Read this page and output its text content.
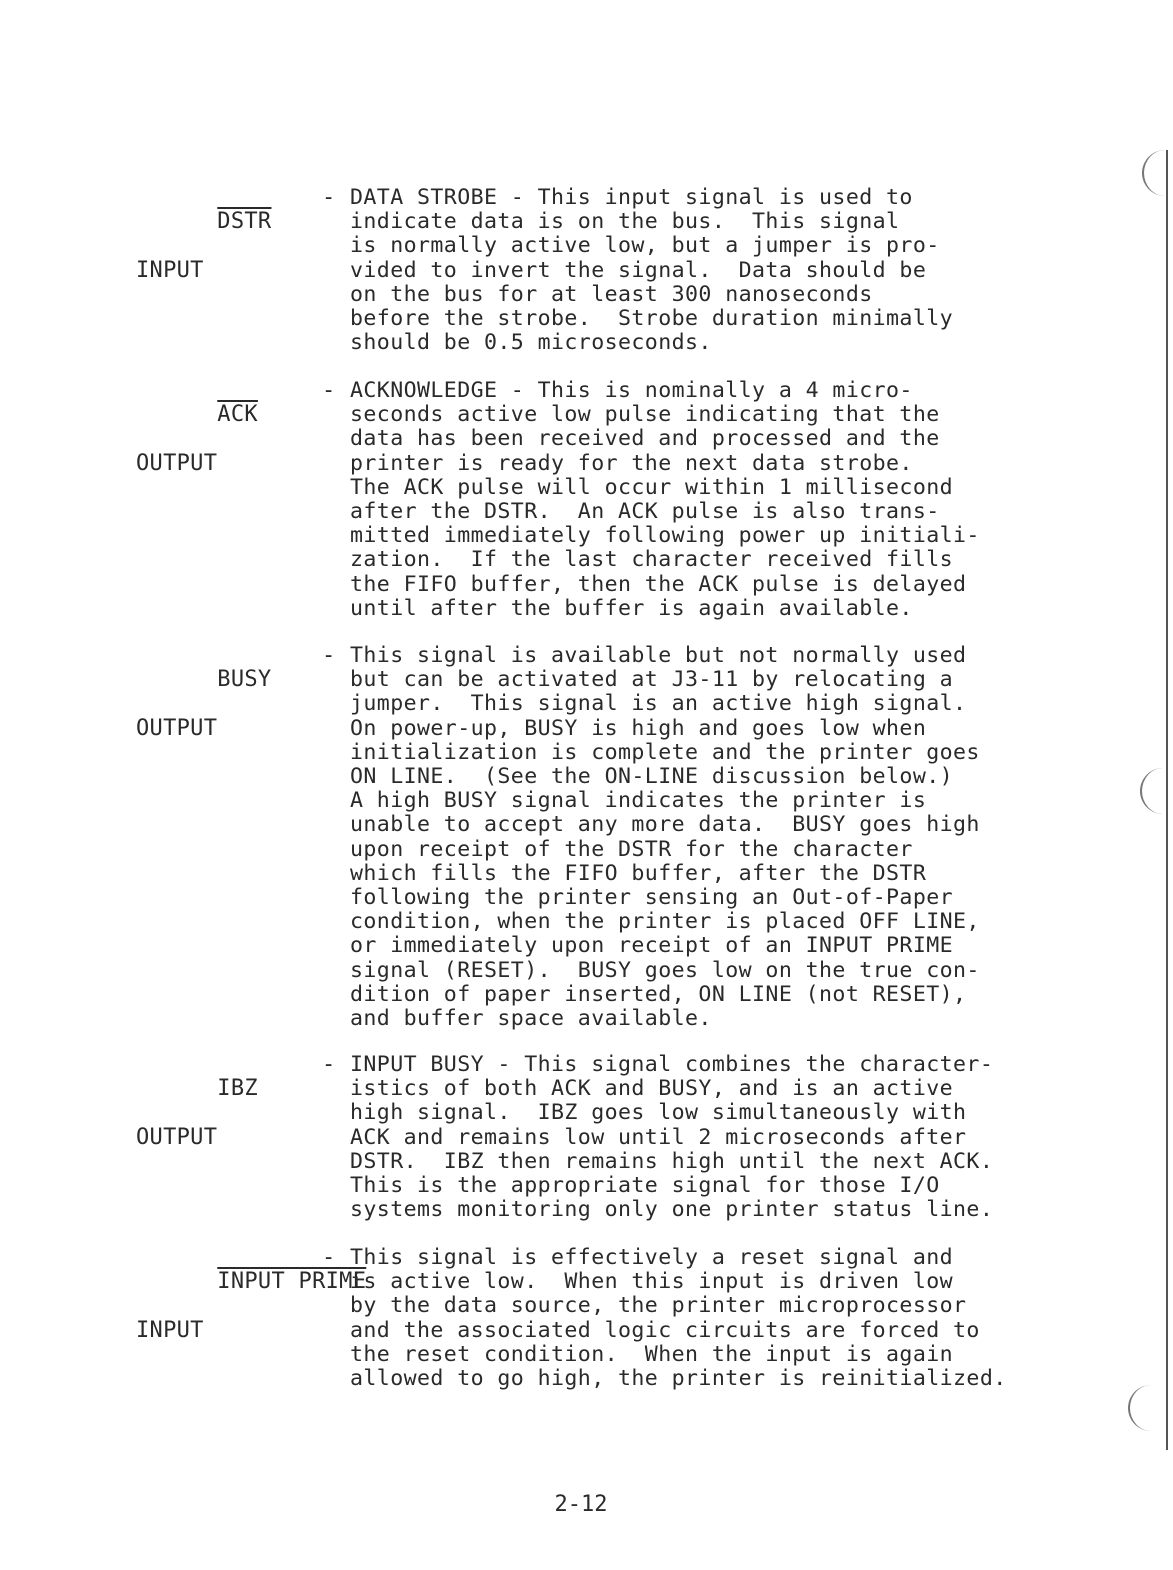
DSTR

INPUT

- DATA STROBE - This input signal is used to
indicate data is on the bus.  This signal
is normally active low, but a jumper is pro-
vided to invert the signal.  Data should be
on the bus for at least 300 nanoseconds
before the strobe.  Strobe duration minimally
should be 0.5 microseconds.

$\overline{ACK}$

OUTPUT

- ACKNOWLEDGE - This is nominally a 4 micro-
seconds active low pulse indicating that the
data has been received and processed and the
printer is ready for the next data strobe.
The ACK pulse will occur within 1 millisecond
after the DSTR.  An ACK pulse is also trans-
mitted immediately following power up initiali-
zation.  If the last character received fills
the FIFO buffer, then the ACK pulse is delayed
until after the buffer is again available.

BUSY

OUTPUT

- This signal is available but not normally used
but can be activated at J3-11 by relocating a
jumper.  This signal is an active high signal.
On power-up, BUSY is high and goes low when
initialization is complete and the printer goes
ON LINE.  (See the ON-LINE discussion below.)
A high BUSY signal indicates the printer is
unable to accept any more data.  BUSY goes high
upon receipt of the DSTR for the character
which fills the FIFO buffer, after the DSTR
following the printer sensing an Out-of-Paper
condition, when the printer is placed OFF LINE,
or immediately upon receipt of an INPUT PRIME
signal (RESET).  BUSY goes low on the true con-
dition of paper inserted, ON LINE (not RESET),
and buffer space available.

IBZ

OUTPUT

- INPUT BUSY - This signal combines the character-
istics of both ACK and BUSY, and is an active
high signal.  IBZ goes low simultaneously with
ACK and remains low until 2 microseconds after
DSTR.  IBZ then remains high until the next ACK.
This is the appropriate signal for those I/O
systems monitoring only one printer status line.

INPUT PRIME

INPUT

- This signal is effectively a reset signal and
is active low.  When this input is driven low
by the data source, the printer microprocessor
and the associated logic circuits are forced to
the reset condition.  When the input is again
allowed to go high, the printer is reinitialized.
2-12
